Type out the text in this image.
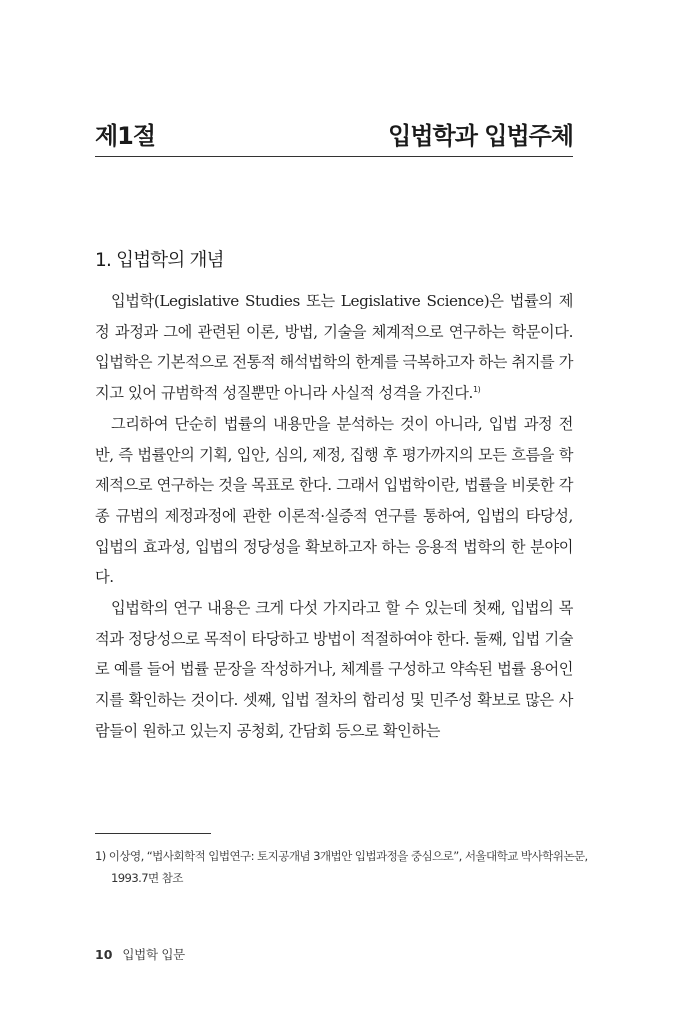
제1절	입법학과 입법주체
1. 입법학의 개념

입법학(Legislative Studies 또는 Legislative Science)은 법률의 제정 과정과 그에 관련된 이론, 방법, 기술을 체계적으로 연구하는 학문이다. 입법학은 기본적으로 전통적 해석법학의 한계를 극복하고자 하는 취지를 가지고 있어 규범학적 성질뿐만 아니라 사실적 성격을 가진다.$^{1)}$

그리하여 단순히 법률의 내용만을 분석하는 것이 아니라, 입법 과정 전반, 즉 법률안의 기획, 입안, 심의, 제정, 집행 후 평가까지의 모든 흐름을 학제적으로 연구하는 것을 목표로 한다. 그래서 입법학이란, 법률을 비롯한 각종 규범의 제정과정에 관한 이론적·실증적 연구를 통하여, 입법의 타당성, 입법의 효과성, 입법의 정당성을 확보하고자 하는 응용적 법학의 한 분야이다.

입법학의 연구 내용은 크게 다섯 가지라고 할 수 있는데 첫째, 입법의 목적과 정당성으로 목적이 타당하고 방법이 적절하여야 한다. 둘째, 입법 기술로 예를 들어 법률 문장을 작성하거나, 체계를 구성하고 약속된 법률 용어인지를 확인하는 것이다. 셋째, 입법 절차의 합리성 및 민주성 확보로 많은 사람들이 원하고 있는지 공청회, 간담회 등으로 확인하는

1) 이상영, “법사회학적 입법연구: 토지공개념 3개법안 입법과정을 중심으로”, 서울대학교 박사학위논문, 1993.7면 참조
10 입법학 입문
